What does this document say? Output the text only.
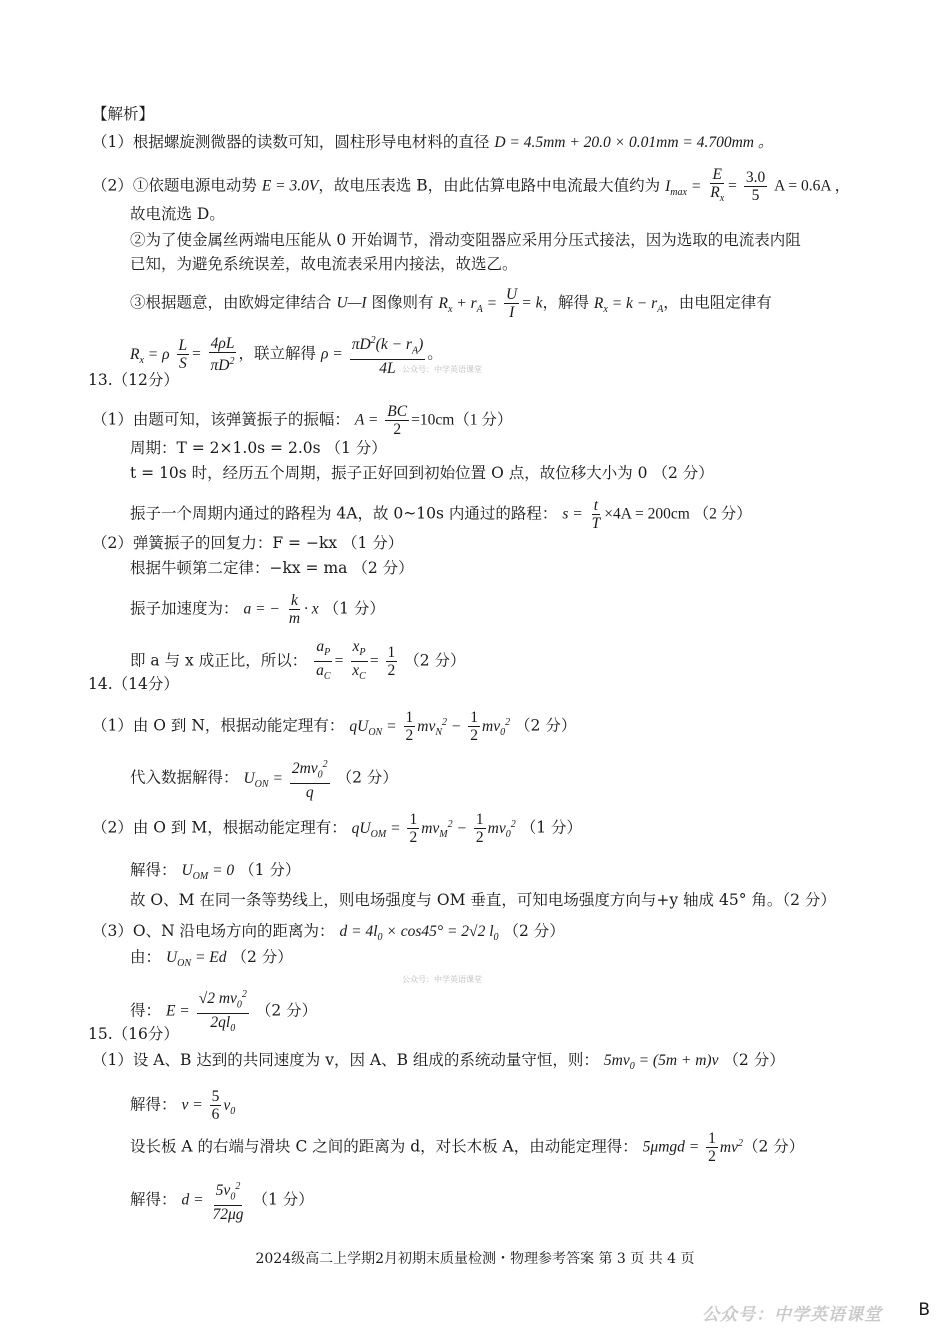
【解析】
（1）根据螺旋测微器的读数可知，圆柱形导电材料的直径 D = 4.5mm + 20.0 × 0.01mm = 4.700mm 。
（2）①依题电源电动势 E = 3.0V，故电压表选 B，由此估算电路中电流最大值约为 $I_{max} = \frac{E}{R_x} = \frac{3.0}{5}$ A = 0.6A ，
故电流选 D。
②为了使金属丝两端电压能从 0 开始调节，滑动变阻器应采用分压式接法，因为选取的电流表内阻
已知，为避免系统误差，故电流表采用内接法，故选乙。
③根据题意，由欧姆定律结合 U—I 图像则有 $R_x + r_A = \frac{U}{I} = k$，解得 $R_x = k - r_A$，由电阻定律有
$R_x = \rho \frac{L}{S} = \frac{4\rho L}{\pi D^2}$ ，联立解得 $\rho = \frac{\pi D^2(k - r_A)}{4L}$ 。
公众号：中学英语课堂
13.（12分）
（1）由题可知，该弹簧振子的振幅： $A = \frac{BC}{2} =10cm(1$ 分）
周期：T = 2×1.0s = 2.0s （1 分）
t = 10s 时，经历五个周期，振子正好回到初始位置 O 点，故位移大小为 0 （2 分）
振子一个周期内通过的路程为 4A，故 0~10s 内通过的路程： $s = \frac{t}{T} \times 4A = 200cm$ （2 分）
（2）弹簧振子的回复力：F = −kx （1 分）
根据牛顿第二定律：−kx = ma （2 分）
振子加速度为： a = − $\frac{k}{m} \cdot x$ （1 分）
即 a 与 x 成正比，所以： $\frac{a_P}{a_C} = \frac{x_P}{x_C} = \frac{1}{2} (2$ 分）
14.（14分）
（1）由 O 到 N，根据动能定理有： $qU_{ON} = \frac{1}{2} mv_N^2 - \frac{1}{2} mv_0^2$ （2 分）
代入数据解得： $U_{ON} = \frac{2mv_0^2}{q} (2$ 分）
（2）由 O 到 M，根据动能定理有： $qU_{OM} = \frac{1}{2} mv_M^2 - \frac{1}{2} mv_0^2$ （1 分）
解得： $U_{OM} = 0$ （1 分）
故 O、M 在同一条等势线上，则电场强度与 OM 垂直，可知电场强度方向与+y 轴成 45° 角。（2 分）
（3）O、N 沿电场方向的距离为： $d = 4l_0 \times \cos 45^\circ = 2√2$ $l_0$ （2 分）
由： $U_{ON} = Ed$ （2 分）
公众号：中学英语课堂
得： $E = \frac{√2 mv_0^2}{2ql_0} (2$ 分）
15.（16分）
（1）设 A、B 达到的共同速度为 v，因 A、B 组成的系统动量守恒，则： $5mv_0 = (5m + m)v$ （2 分）
解得： $v = \frac{5}{6} v_0$
设长板 A 的右端与滑块 C 之间的距离为 d，对长木板 A，由动能定理得： $5\mu mgd = \frac{1}{2} mv^2(2$ 分）
解得： $d = \frac{5v_0^2}{72\mu g} (1$ 分）
2024级高二上学期2月初期末质量检测・物理参考答案 第 3 页 共 4 页
公众号：中学英语课堂 B
